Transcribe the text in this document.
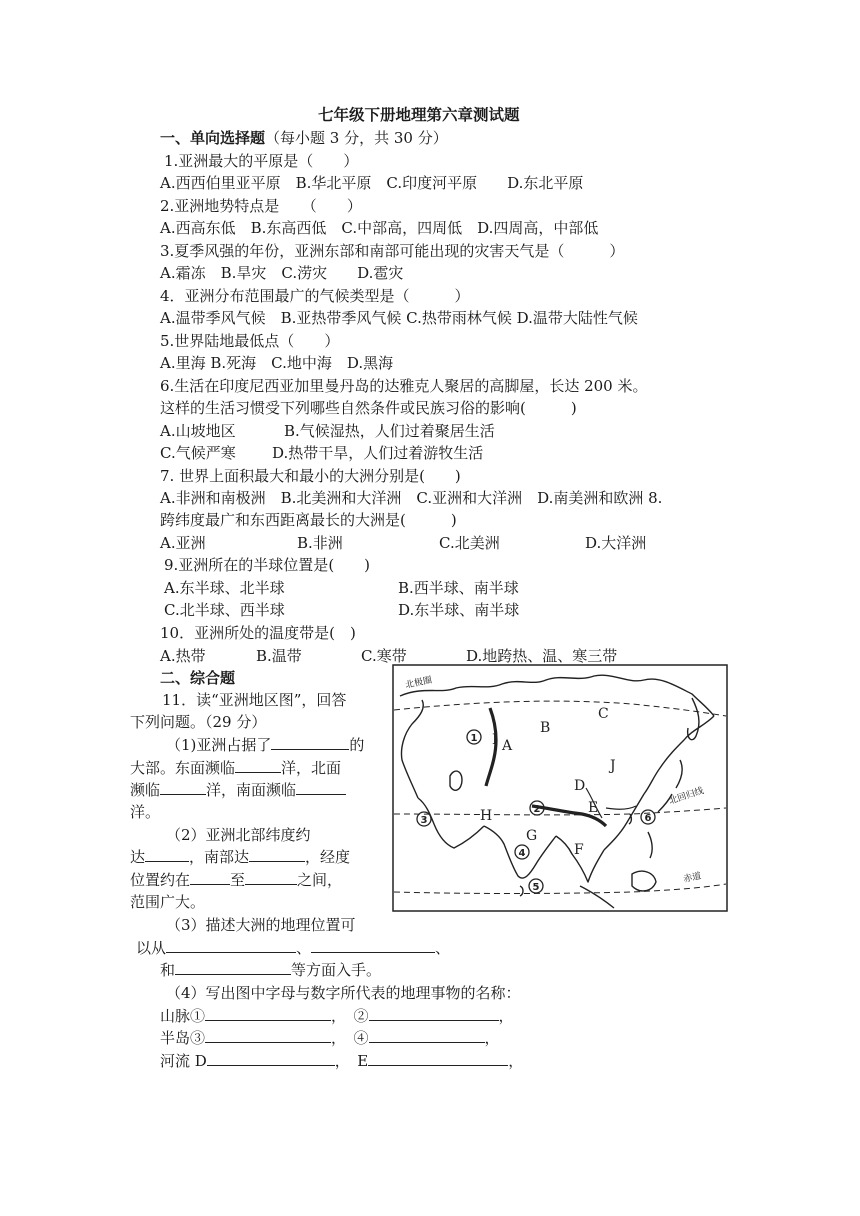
七年级下册地理第六章测试题
一、单向选择题（每小题 3 分，共 30 分）
1.亚洲最大的平原是（　　）
A.西西伯里亚平原　B.华北平原　C.印度河平原　　D.东北平原
2.亚洲地势特点是　　（　　）
A.西高东低　B.东高西低　C.中部高，四周低　D.四周高，中部低
3.夏季风强的年份，亚洲东部和南部可能出现的灾害天气是（　　　）
A.霜冻　B.旱灾　C.涝灾　　D.雹灾
4．亚洲分布范围最广的气候类型是（　　　）
A.温带季风气候　B.亚热带季风气候 C.热带雨林气候 D.温带大陆性气候
5.世界陆地最低点（　　）
A.里海 B.死海　C.地中海　D.黑海
6.生活在印度尼西亚加里曼丹岛的达雅克人聚居的高脚屋，长达 200 米。
这样的生活习惯受下列哪些自然条件或民族习俗的影响(　　　)
A.山坡地区	B.气候湿热，人们过着聚居生活
C.气候严寒 D.热带干旱，人们过着游牧生活
7. 世界上面积最大和最小的大洲分别是(　　)
A.非洲和南极洲　B.北美洲和大洋洲　C.亚洲和大洋洲　D.南美洲和欧洲 8.
跨纬度最广和东西距离最长的大洲是(　　　)
A.亚洲	B.非洲	C.北美洲	D.大洋洲
9.亚洲所在的半球位置是(　　)
A.东半球、北半球	B.西半球、南半球
C.北半球、西半球	D.东半球、南半球
10．亚洲所处的温度带是(　)
A.热带	B.温带	C.寒带	D.地跨热、温、寒三带
二、综合题
11．读“亚洲地区图”，回答
下列问题。（29 分）
（1)亚洲占据了	的
大部。东面濒临	洋，北面
濒临	洋，南面濒临
洋。
（2）亚洲北部纬度约
达	，南部达	，经度
位置约在	至	之间，
范围广大。
（3）描述大洲的地理位置可
以从	、	、
和	等方面入手。
（4）写出图中字母与数字所代表的地理事物的名称：
山脉①	，　②	，
半岛③	，　④	，
河流 D	，　E	，
北极圈
北回归线
赤道
A
B
C
D
E
F
G
H
I
J
1
2
3
4
5
6
